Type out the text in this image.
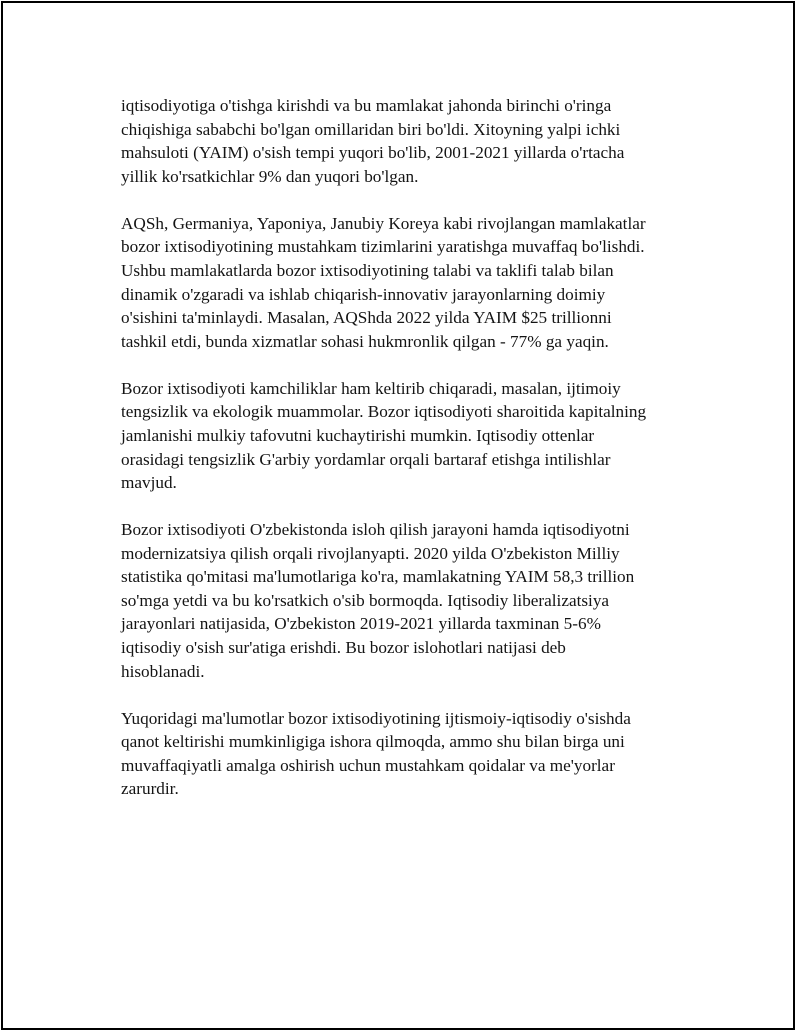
iqtisodiyotiga o'tishga kirishdi va bu mamlakat jahonda birinchi o'ringa
chiqishiga sababchi bo'lgan omillaridan biri bo'ldi. Xitoyning yalpi ichki
mahsuloti (YAIM) o'sish tempi yuqori bo'lib, 2001-2021 yillarda o'rtacha
yillik ko'rsatkichlar 9% dan yuqori bo'lgan.

AQSh, Germaniya, Yaponiya, Janubiy Koreya kabi rivojlangan mamlakatlar
bozor ixtisodiyotining mustahkam tizimlarini yaratishga muvaffaq bo'lishdi.
Ushbu mamlakatlarda bozor ixtisodiyotining talabi va taklifi talab bilan
dinamik o'zgaradi va ishlab chiqarish-innovativ jarayonlarning doimiy
o'sishini ta'minlaydi. Masalan, AQShda 2022 yilda YAIM $25 trillionni
tashkil etdi, bunda xizmatlar sohasi hukmronlik qilgan - 77% ga yaqin.

Bozor ixtisodiyoti kamchiliklar ham keltirib chiqaradi, masalan, ijtimoiy
tengsizlik va ekologik muammolar. Bozor iqtisodiyoti sharoitida kapitalning
jamlanishi mulkiy tafovutni kuchaytirishi mumkin. Iqtisodiy ottenlar
orasidagi tengsizlik G'arbiy yordamlar orqali bartaraf etishga intilishlar
mavjud.

Bozor ixtisodiyoti O'zbekistonda isloh qilish jarayoni hamda iqtisodiyotni
modernizatsiya qilish orqali rivojlanyapti. 2020 yilda O'zbekiston Milliy
statistika qo'mitasi ma'lumotlariga ko'ra, mamlakatning YAIM 58,3 trillion
so'mga yetdi va bu ko'rsatkich o'sib bormoqda. Iqtisodiy liberalizatsiya
jarayonlari natijasida, O'zbekiston 2019-2021 yillarda taxminan 5-6%
iqtisodiy o'sish sur'atiga erishdi. Bu bozor islohotlari natijasi deb
hisoblanadi.

Yuqoridagi ma'lumotlar bozor ixtisodiyotining ijtismoiy-iqtisodiy o'sishda
qanot keltirishi mumkinligiga ishora qilmoqda, ammo shu bilan birga uni
muvaffaqiyatli amalga oshirish uchun mustahkam qoidalar va me'yorlar
zarurdir.
